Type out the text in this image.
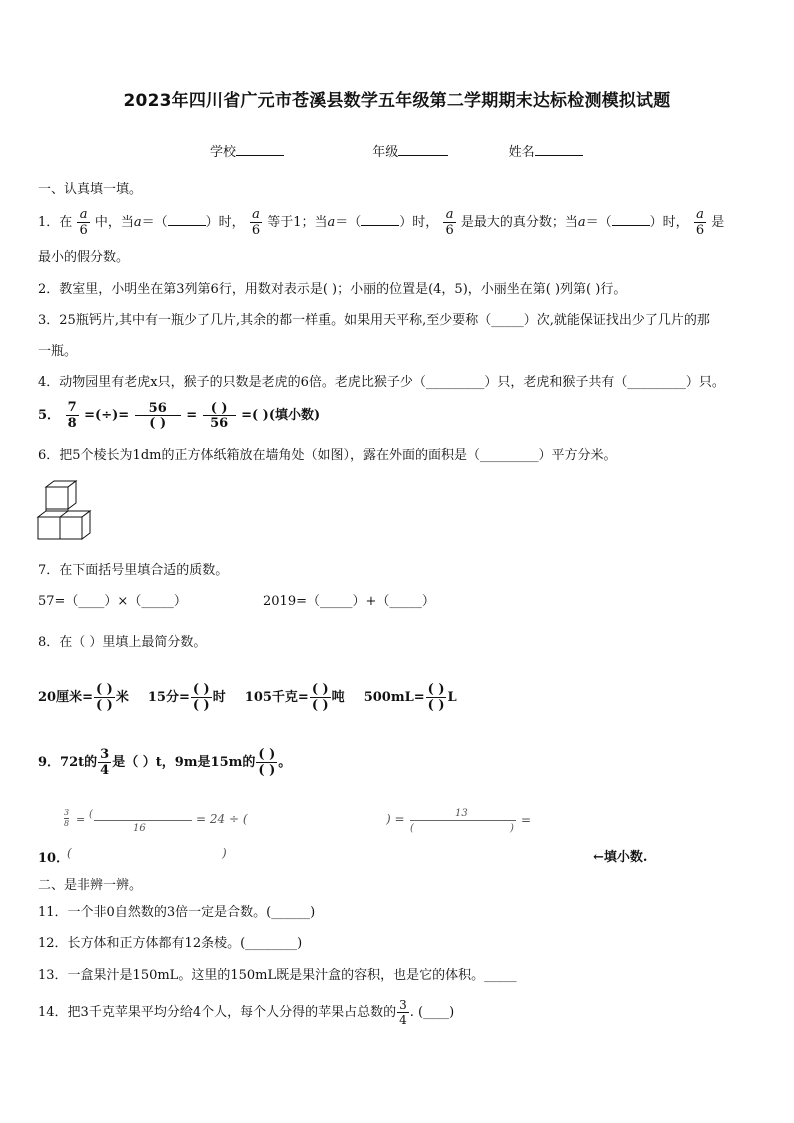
2023年四川省广元市苍溪县数学五年级第二学期期末达标检测模拟试题
学校	年级	姓名
一、认真填一填。
1．在 $\frac{a}{6}$ 中，当a＝（	）时， $\frac{a}{6}$ 等于1；当a＝（	）时， $\frac{a}{6}$ 是最大的真分数；当a＝（	）时， $\frac{a}{6}$ 是
最小的假分数。
2．教室里，小明坐在第3列第6行，用数对表示是( )；小丽的位置是(4，5)，小丽坐在第( )列第( )行。
3．25瓶钙片,其中有一瓶少了几片,其余的都一样重。如果用天平称,至少要称（_____）次,就能保证找出少了几片的那
一瓶。
4．动物园里有老虎x只，猴子的只数是老虎的6倍。老虎比猴子少（_________）只，老虎和猴子共有（_________）只。
5． $\frac{7}{8}$ =(÷)= $\frac{56}{( )} = \frac{( )}{56}$ =( )(填小数)
6．把5个棱长为1dm的正方体纸箱放在墙角处（如图），露在外面的面积是（_________）平方分米。
7．在下面括号里填合适的质数。
57=（____）×（_____）	2019=（_____）+（_____）
8．在（ ）里填上最简分数。
20厘米= $\frac{( )}{( )}$ 米 15分= $\frac{( )}{( )}$ 时 105千克= $\frac{( )}{( )}$ 吨 $500mL= \frac{( )}{( )}$ L
9．72t的 $\frac{3}{4}$ 是（ ）t，9m是15m的 $\frac{( )}{( )}$ 。
3
8 = (
16
= 24 ÷ (	) =	13
(	)
=
10．
(	)	←填小数.
二、是非辨一辨。
11．一个非0自然数的3倍一定是合数。(______)
12．长方体和正方体都有12条棱。(________)
13．一盒果汁是150mL。这里的150mL既是果汁盒的容积，也是它的体积。_____
14．把3千克苹果平均分给4个人，每个人分得的苹果占总数的 $\frac{3}{4}$ . (____)
